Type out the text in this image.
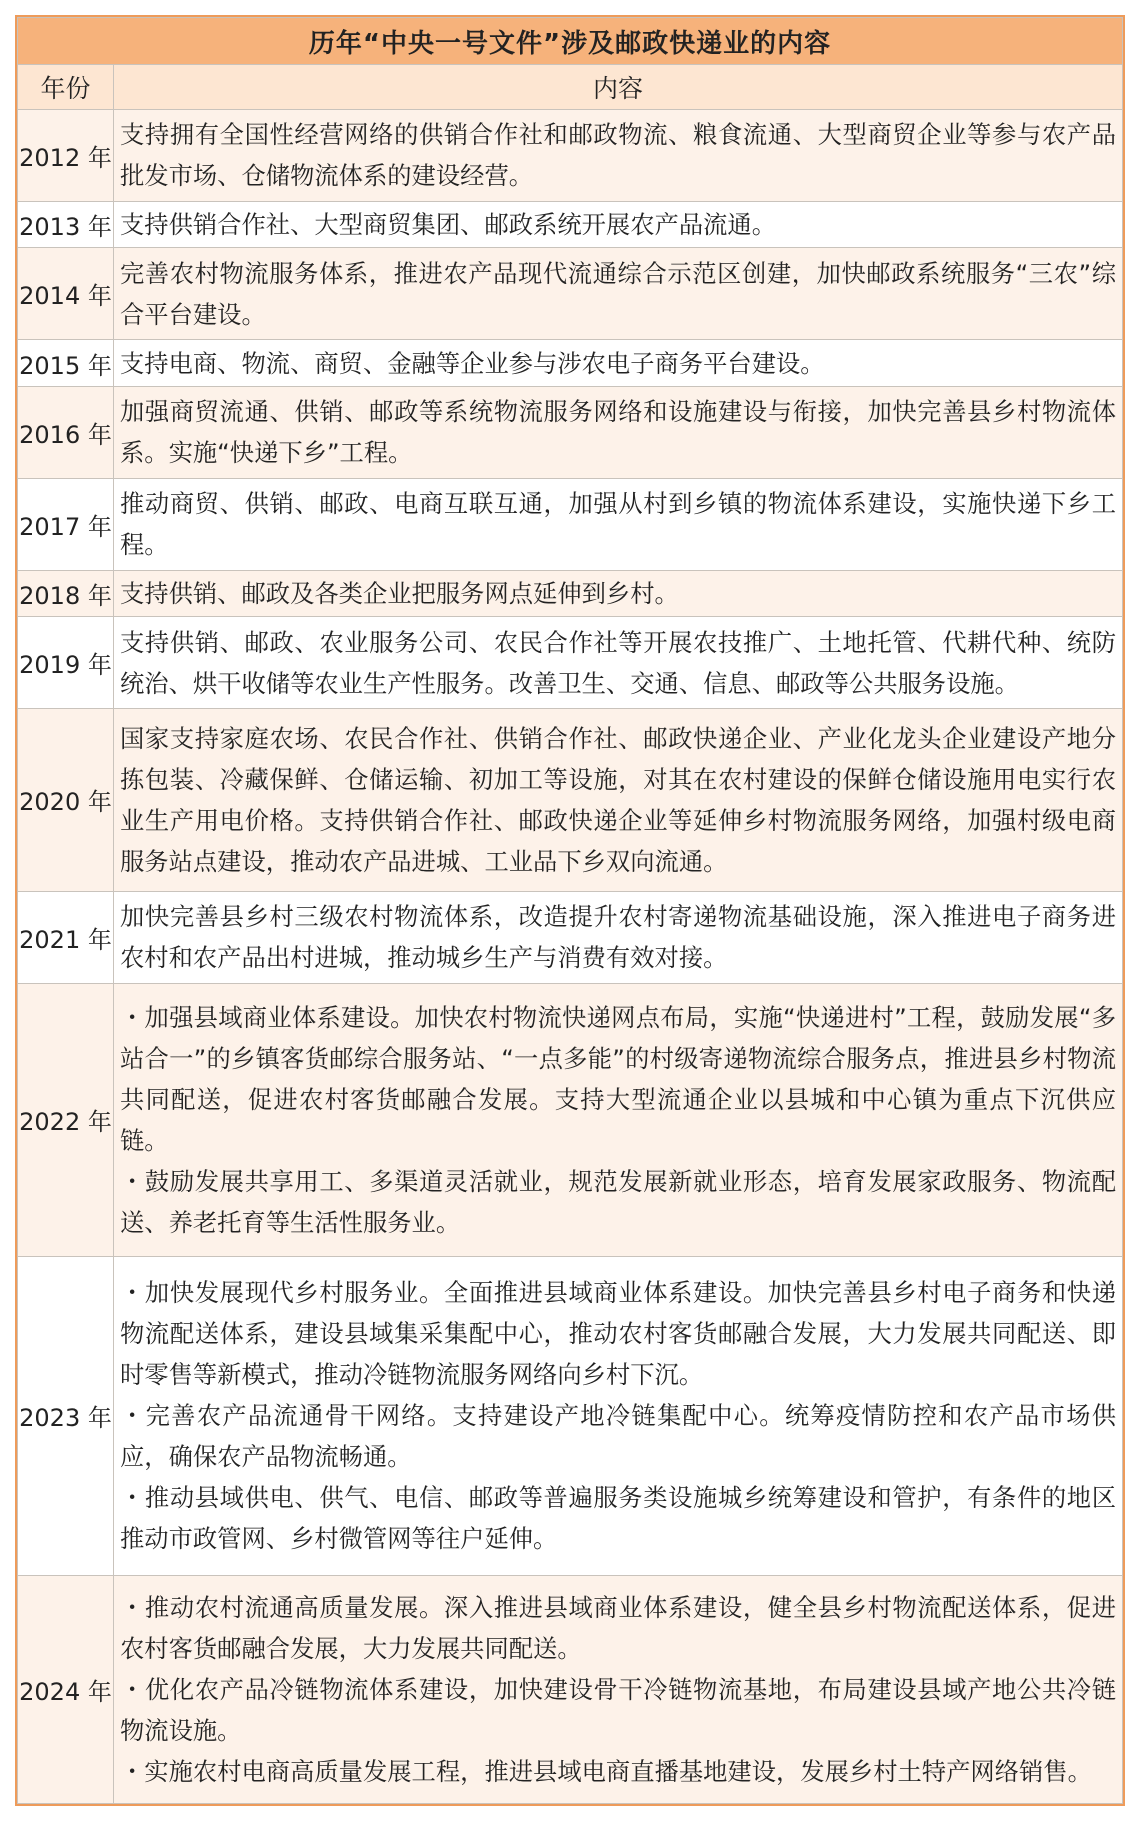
历年“中央一号文件”涉及邮政快递业的内容	
年份	内容
2012 年	支持拥有全国性经营网络的供销合作社和邮政物流、粮食流通、大型商贸企业等参与农产品批发市场、仓储物流体系的建设经营。

2013 年	支持供销合作社、大型商贸集团、邮政系统开展农产品流通。

2014 年	完善农村物流服务体系，推进农产品现代流通综合示范区创建，加快邮政系统服务“三农”综合平台建设。

2015 年	支持电商、物流、商贸、金融等企业参与涉农电子商务平台建设。

2016 年	加强商贸流通、供销、邮政等系统物流服务网络和设施建设与衔接，加快完善县乡村物流体系。实施“快递下乡”工程。

2017 年	推动商贸、供销、邮政、电商互联互通，加强从村到乡镇的物流体系建设，实施快递下乡工程。

2018 年	支持供销、邮政及各类企业把服务网点延伸到乡村。

2019 年	支持供销、邮政、农业服务公司、农民合作社等开展农技推广、土地托管、代耕代种、统防统治、烘干收储等农业生产性服务。改善卫生、交通、信息、邮政等公共服务设施。

2020 年	国家支持家庭农场、农民合作社、供销合作社、邮政快递企业、产业化龙头企业建设产地分拣包装、冷藏保鲜、仓储运输、初加工等设施，对其在农村建设的保鲜仓储设施用电实行农业生产用电价格。支持供销合作社、邮政快递企业等延伸乡村物流服务网络，加强村级电商服务站点建设，推动农产品进城、工业品下乡双向流通。

2021 年	加快完善县乡村三级农村物流体系，改造提升农村寄递物流基础设施，深入推进电子商务进农村和农产品出村进城，推动城乡生产与消费有效对接。

2022 年	・加强县域商业体系建设。加快农村物流快递网点布局，实施“快递进村”工程，鼓励发展“多站合一”的乡镇客货邮综合服务站、“一点多能”的村级寄递物流综合服务点，推进县乡村物流共同配送，促进农村客货邮融合发展。支持大型流通企业以县城和中心镇为重点下沉供应链。
・鼓励发展共享用工、多渠道灵活就业，规范发展新就业形态，培育发展家政服务、物流配送、养老托育等生活性服务业。

2023 年	・加快发展现代乡村服务业。全面推进县域商业体系建设。加快完善县乡村电子商务和快递物流配送体系，建设县域集采集配中心，推动农村客货邮融合发展，大力发展共同配送、即时零售等新模式，推动冷链物流服务网络向乡村下沉。
・完善农产品流通骨干网络。支持建设产地冷链集配中心。统筹疫情防控和农产品市场供应，确保农产品物流畅通。
・推动县域供电、供气、电信、邮政等普遍服务类设施城乡统筹建设和管护，有条件的地区推动市政管网、乡村微管网等往户延伸。

2024 年	・推动农村流通高质量发展。深入推进县域商业体系建设，健全县乡村物流配送体系，促进农村客货邮融合发展，大力发展共同配送。
・优化农产品冷链物流体系建设，加快建设骨干冷链物流基地，布局建设县域产地公共冷链物流设施。
・实施农村电商高质量发展工程，推进县域电商直播基地建设，发展乡村土特产网络销售。
